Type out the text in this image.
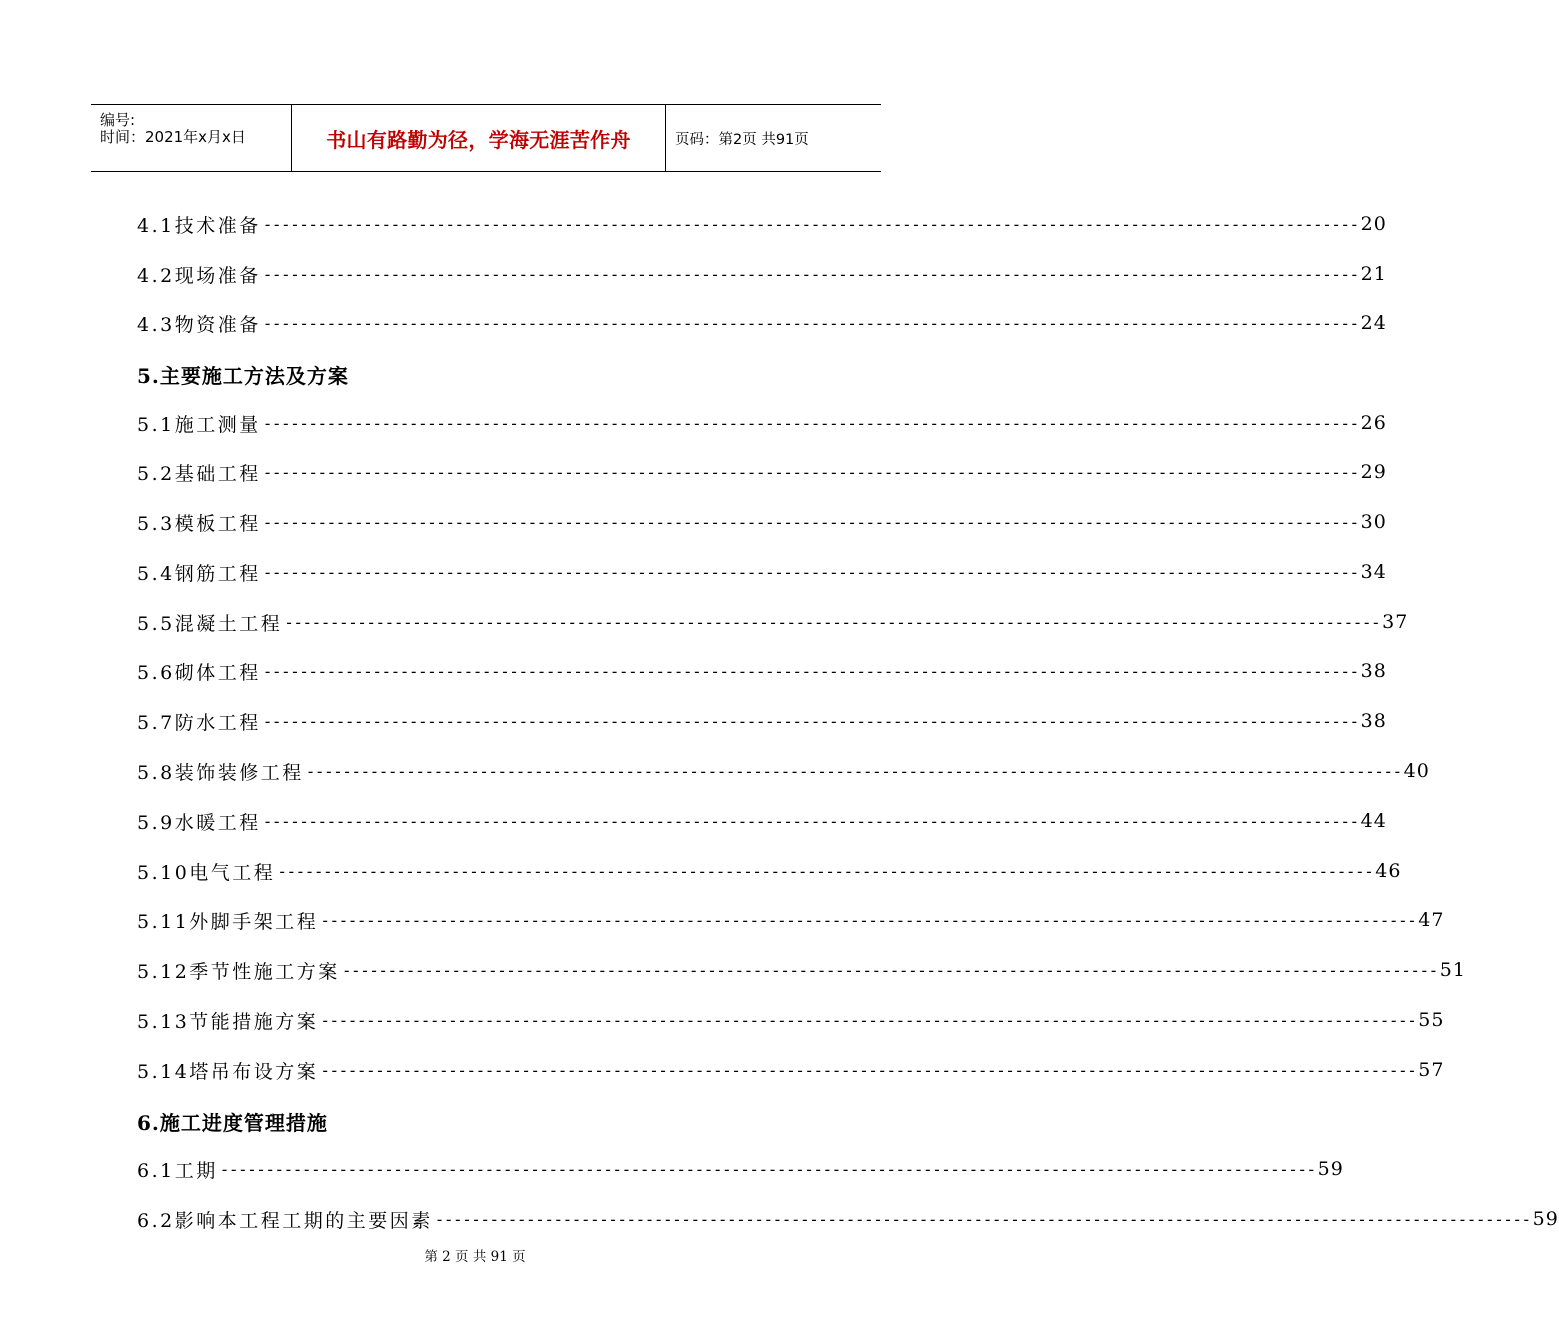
编号:
时间：2021年x月x日	书山有路勤为径，学海无涯苦作舟	页码：第2页 共91页
4.1技术准备 ------------------------------------------------------------------------------------------------------------------------ 20
4.2现场准备 ------------------------------------------------------------------------------------------------------------------------ 21
4.3物资准备 ------------------------------------------------------------------------------------------------------------------------ 24
5.主要施工方法及方案
5.1施工测量 ------------------------------------------------------------------------------------------------------------------------ 26
5.2基础工程 ------------------------------------------------------------------------------------------------------------------------ 29
5.3模板工程 ------------------------------------------------------------------------------------------------------------------------ 30
5.4钢筋工程 ------------------------------------------------------------------------------------------------------------------------ 34
5.5混凝土工程 ------------------------------------------------------------------------------------------------------------------------ 37
5.6砌体工程 ------------------------------------------------------------------------------------------------------------------------ 38
5.7防水工程 ------------------------------------------------------------------------------------------------------------------------ 38
5.8装饰装修工程 ------------------------------------------------------------------------------------------------------------------------ 40
5.9水暖工程 ------------------------------------------------------------------------------------------------------------------------ 44
5.10电气工程 ------------------------------------------------------------------------------------------------------------------------ 46
5.11外脚手架工程 ------------------------------------------------------------------------------------------------------------------------ 47
5.12季节性施工方案 ------------------------------------------------------------------------------------------------------------------------ 51
5.13节能措施方案 ------------------------------------------------------------------------------------------------------------------------ 55
5.14塔吊布设方案 ------------------------------------------------------------------------------------------------------------------------ 57
6.施工进度管理措施
6.1工期 ------------------------------------------------------------------------------------------------------------------------ 59
6.2影响本工程工期的主要因素 ------------------------------------------------------------------------------------------------------------------------ 59
第 2 页 共 91 页
